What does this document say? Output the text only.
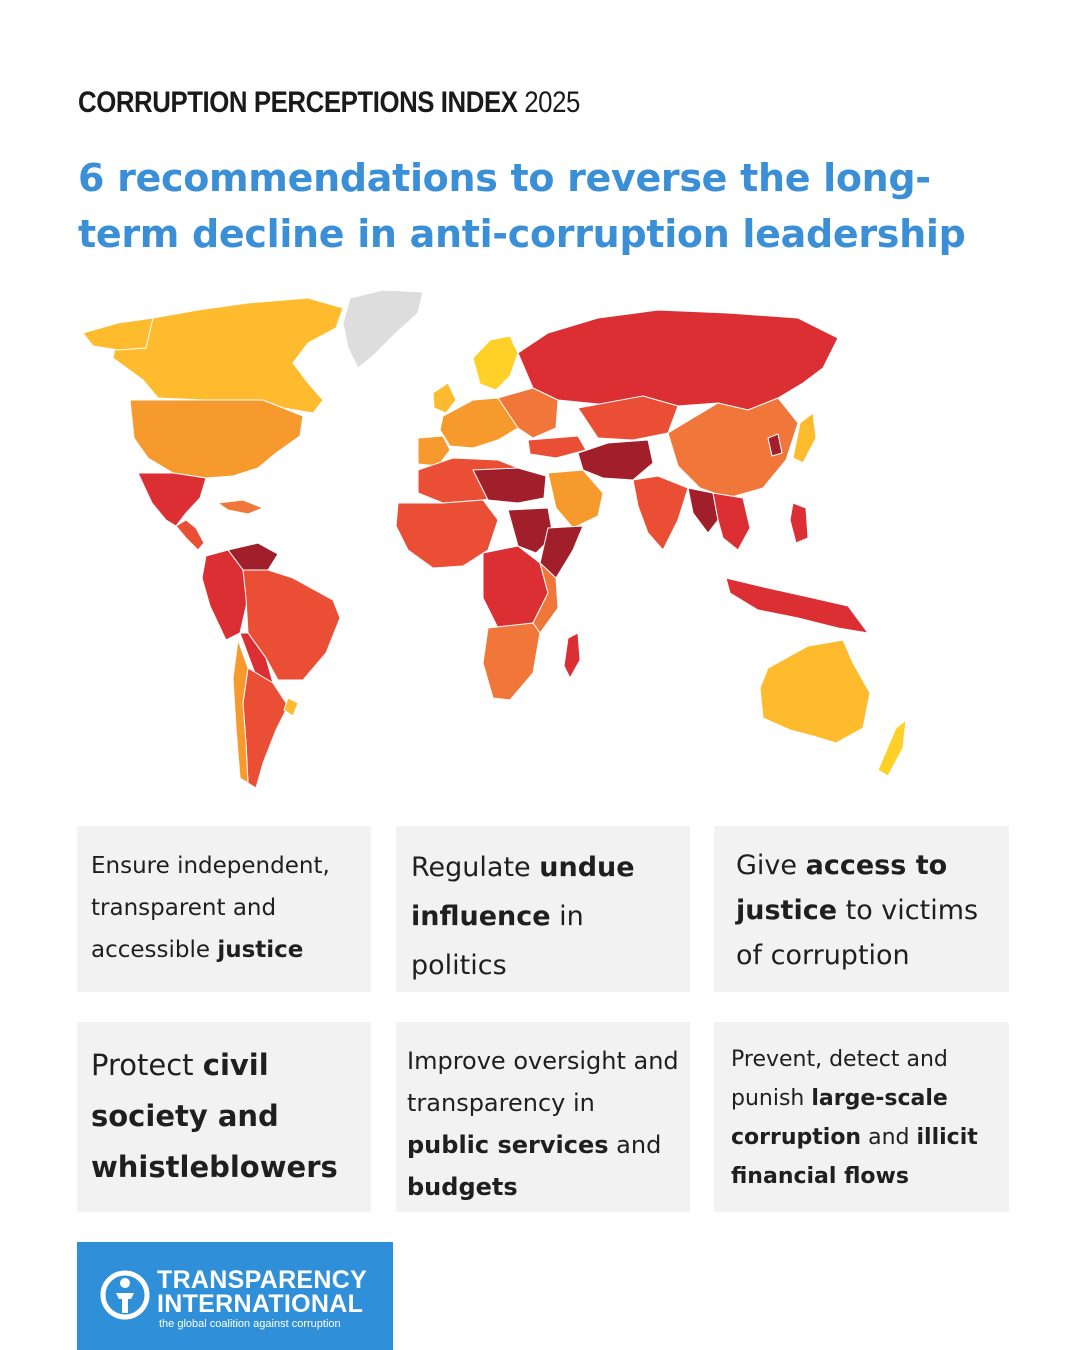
CORRUPTION PERCEPTIONS INDEX 2025
6 recommendations to reverse the long-term decline in anti-corruption leadership

Ensure independent, transparent and accessible justice

Regulate undue influence in politics

Give access to justice to victims of corruption

Protect civil society and whistleblowers

Improve oversight and transparency in public services and budgets

Prevent, detect and punish large-scale corruption and illicit financial flows

TRANSPARENCY
INTERNATIONAL
the global coalition against corruption
